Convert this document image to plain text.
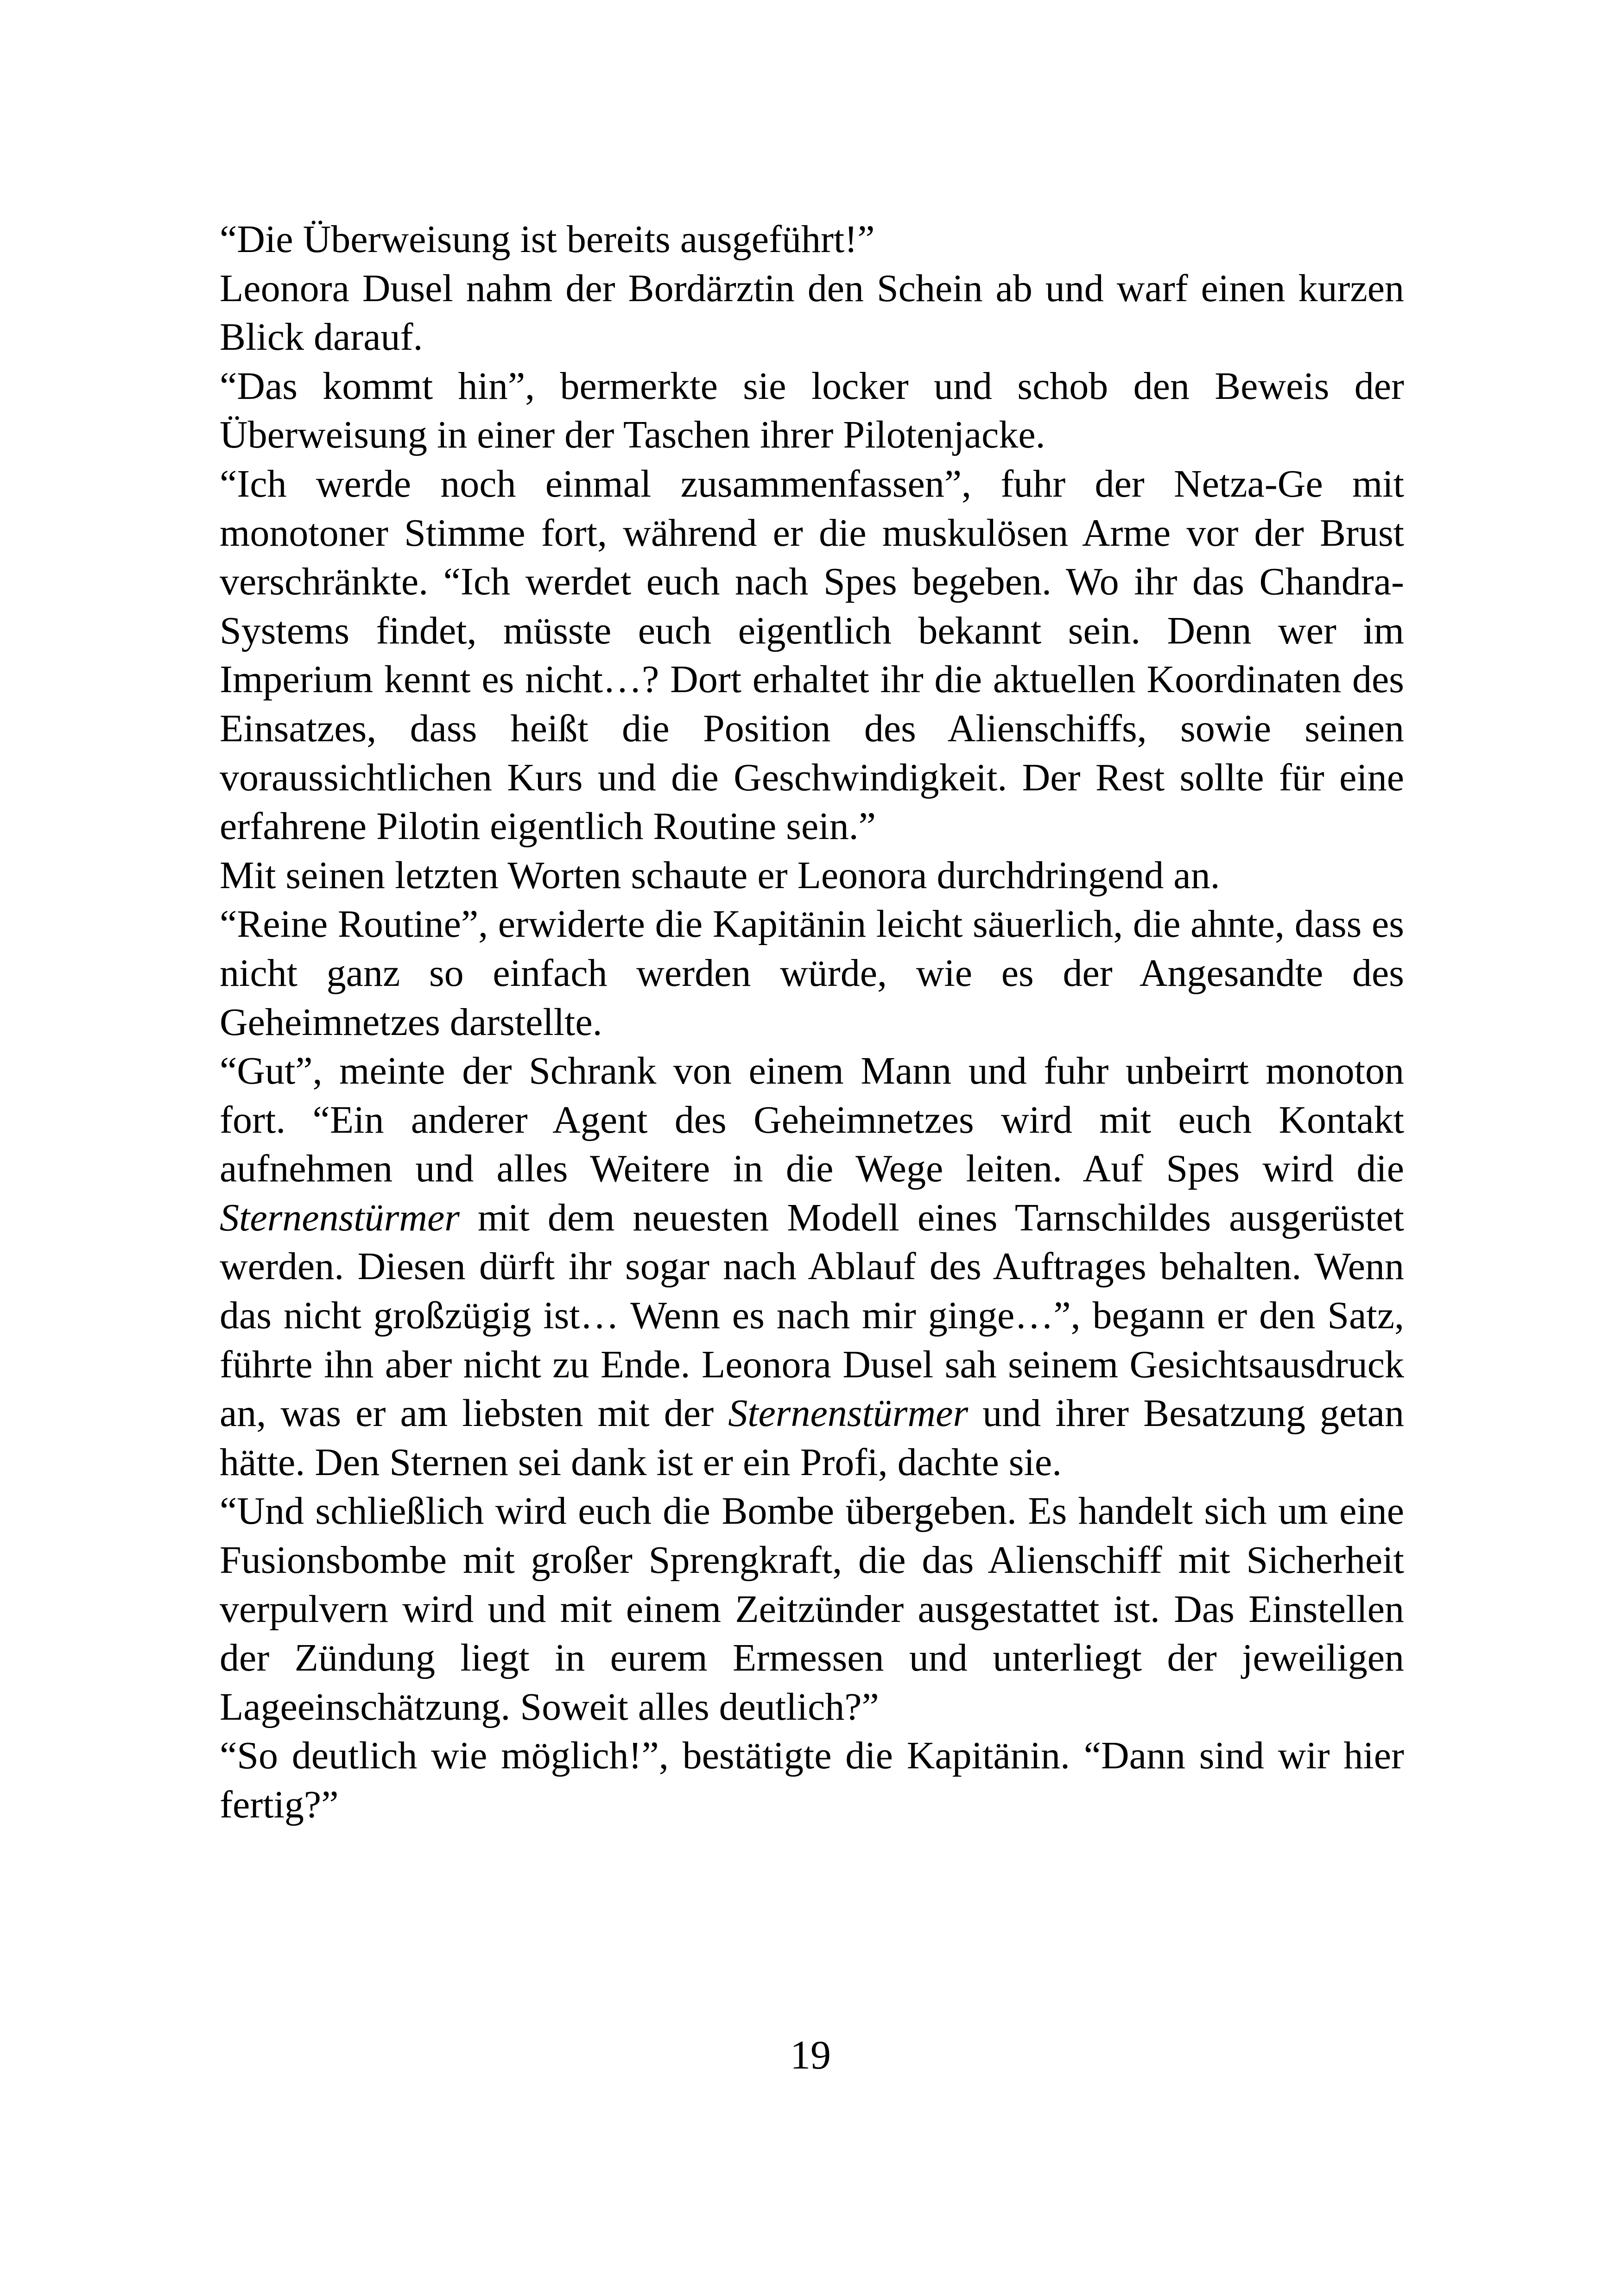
“Die Überweisung ist bereits ausgeführt!”

Leonora Dusel nahm der Bordärztin den Schein ab und warf einen kurzen Blick darauf.

“Das kommt hin”, bermerkte sie locker und schob den Beweis der Überweisung in einer der Taschen ihrer Pilotenjacke.

“Ich werde noch einmal zusammenfassen”, fuhr der Netza-Ge mit monotoner Stimme fort, während er die muskulösen Arme vor der Brust verschränkte. “Ich werdet euch nach Spes begeben. Wo ihr das Chandra-Systems findet, müsste euch eigentlich bekannt sein. Denn wer im Imperium kennt es nicht…? Dort erhaltet ihr die aktuellen Koordinaten des Einsatzes, dass heißt die Position des Alienschiffs, sowie seinen voraussichtlichen Kurs und die Geschwindigkeit. Der Rest sollte für eine erfahrene Pilotin eigentlich Routine sein.”

Mit seinen letzten Worten schaute er Leonora durchdringend an.

“Reine Routine”, erwiderte die Kapitänin leicht säuerlich, die ahnte, dass es nicht ganz so einfach werden würde, wie es der Angesandte des Geheimnetzes darstellte.

“Gut”, meinte der Schrank von einem Mann und fuhr unbeirrt monoton fort. “Ein anderer Agent des Geheimnetzes wird mit euch Kontakt aufnehmen und alles Weitere in die Wege leiten. Auf Spes wird die Sternenstürmer mit dem neuesten Modell eines Tarnschildes ausgerüstet werden. Diesen dürft ihr sogar nach Ablauf des Auftrages behalten. Wenn das nicht großzügig ist… Wenn es nach mir ginge…”, begann er den Satz, führte ihn aber nicht zu Ende. Leonora Dusel sah seinem Gesichtsausdruck an, was er am liebsten mit der Sternenstürmer und ihrer Besatzung getan hätte. Den Sternen sei dank ist er ein Profi, dachte sie.

“Und schließlich wird euch die Bombe übergeben. Es handelt sich um eine Fusionsbombe mit großer Sprengkraft, die das Alienschiff mit Sicherheit verpulvern wird und mit einem Zeitzünder ausgestattet ist. Das Einstellen der Zündung liegt in eurem Ermessen und unterliegt der jeweiligen Lageeinschätzung. Soweit alles deutlich?”

“So deutlich wie möglich!”, bestätigte die Kapitänin. “Dann sind wir hier fertig?”

19
